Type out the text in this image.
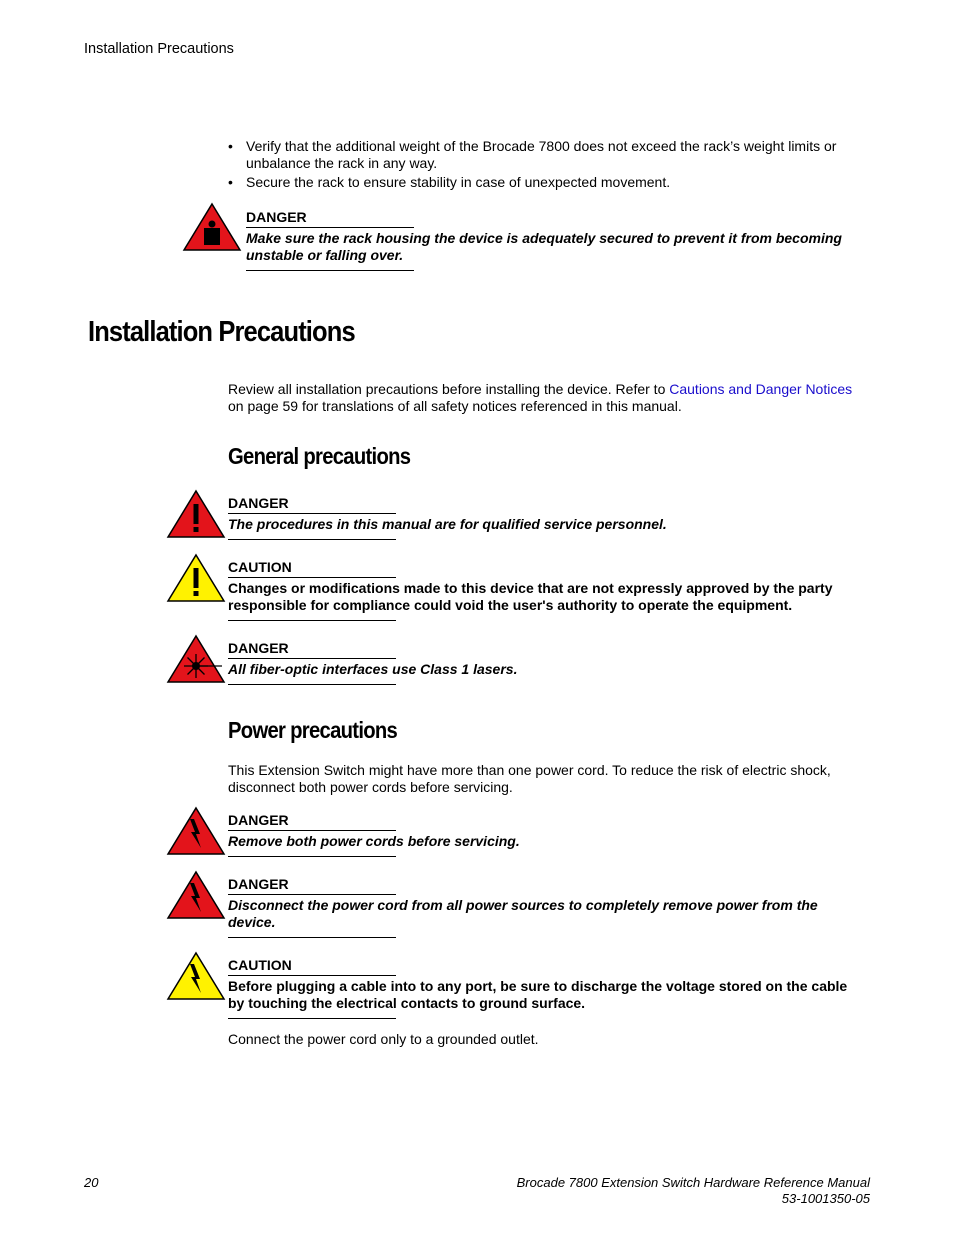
Installation Precautions
• Verify that the additional weight of the Brocade 7800 does not exceed the rack’s weight limits or unbalance the rack in any way.
• Secure the rack to ensure stability in case of unexpected movement.
DANGER
Make sure the rack housing the device is adequately secured to prevent it from becoming unstable or falling over.
Installation Precautions
Review all installation precautions before installing the device. Refer to Cautions and Danger Notices
on page 59 for translations of all safety notices referenced in this manual.
General precautions
DANGER
The procedures in this manual are for qualified service personnel.
CAUTION
Changes or modifications made to this device that are not expressly approved by the party responsible for compliance could void the user's authority to operate the equipment.
DANGER
All fiber-optic interfaces use Class 1 lasers.
Power precautions
This Extension Switch might have more than one power cord. To reduce the risk of electric shock, disconnect both power cords before servicing.
DANGER
Remove both power cords before servicing.
DANGER
Disconnect the power cord from all power sources to completely remove power from the device.
CAUTION
Before plugging a cable into to any port, be sure to discharge the voltage stored on the cable by touching the electrical contacts to ground surface.
Connect the power cord only to a grounded outlet.
20	Brocade 7800 Extension Switch Hardware Reference Manual
53-1001350-05
